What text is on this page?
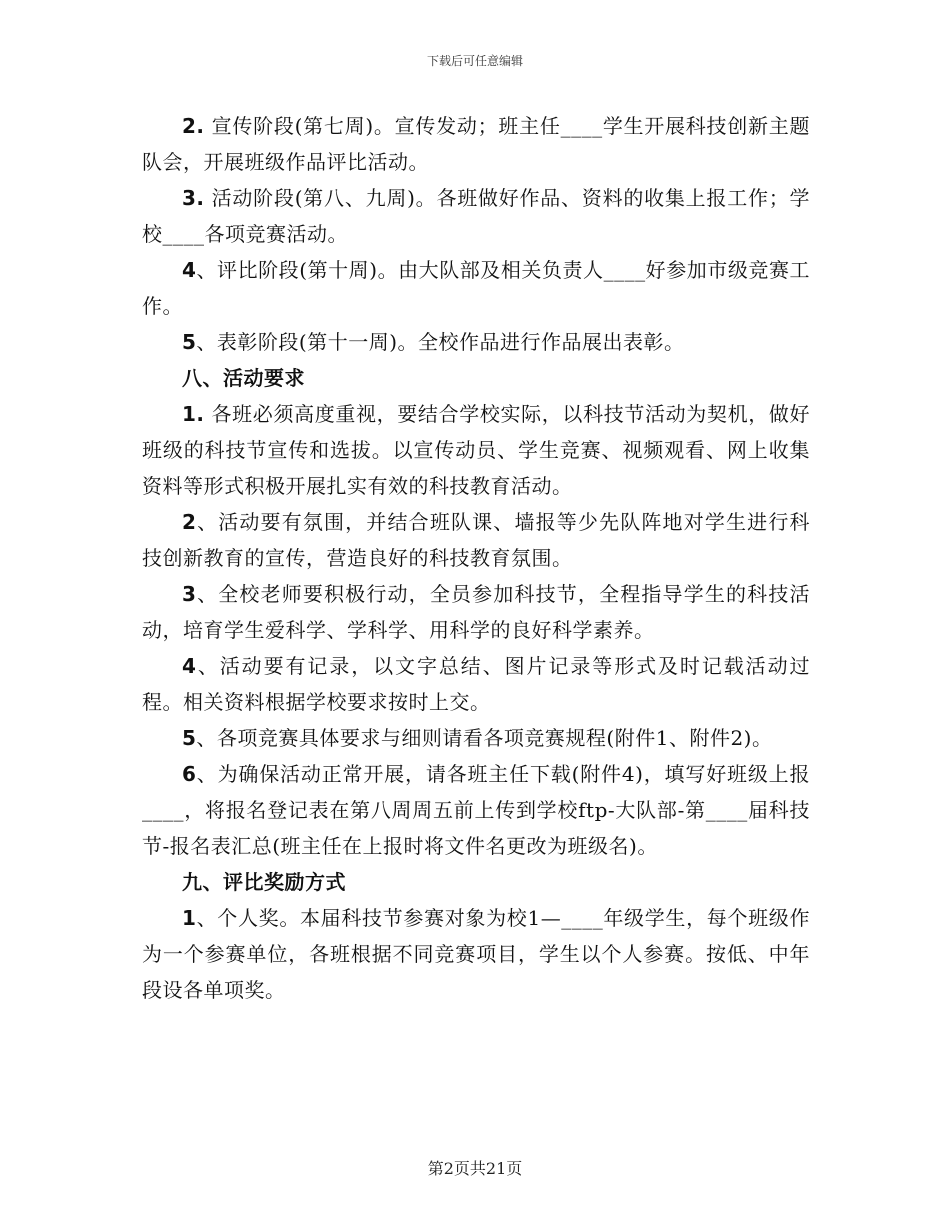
下载后可任意编辑

2. 宣传阶段(第七周)。宣传发动；班主任____学生开展科技创新主题队会，开展班级作品评比活动。

3. 活动阶段(第八、九周)。各班做好作品、资料的收集上报工作；学校____各项竞赛活动。

4、评比阶段(第十周)。由大队部及相关负责人____好参加市级竞赛工作。

5、表彰阶段(第十一周)。全校作品进行作品展出表彰。

八、活动要求

1. 各班必须高度重视，要结合学校实际，以科技节活动为契机，做好班级的科技节宣传和选拔。以宣传动员、学生竞赛、视频观看、网上收集资料等形式积极开展扎实有效的科技教育活动。

2、活动要有氛围，并结合班队课、墙报等少先队阵地对学生进行科技创新教育的宣传，营造良好的科技教育氛围。

3、全校老师要积极行动，全员参加科技节，全程指导学生的科技活动，培育学生爱科学、学科学、用科学的良好科学素养。

4、活动要有记录，以文字总结、图片记录等形式及时记载活动过程。相关资料根据学校要求按时上交。

5、各项竞赛具体要求与细则请看各项竞赛规程(附件1、附件2)。

6、为确保活动正常开展，请各班主任下载(附件4)，填写好班级上报____，将报名登记表在第八周周五前上传到学校ftp-大队部-第____届科技节-报名表汇总(班主任在上报时将文件名更改为班级名)。

九、评比奖励方式

1、个人奖。本届科技节参赛对象为校1—____年级学生，每个班级作为一个参赛单位，各班根据不同竞赛项目，学生以个人参赛。按低、中年段设各单项奖。

第2页共21页
